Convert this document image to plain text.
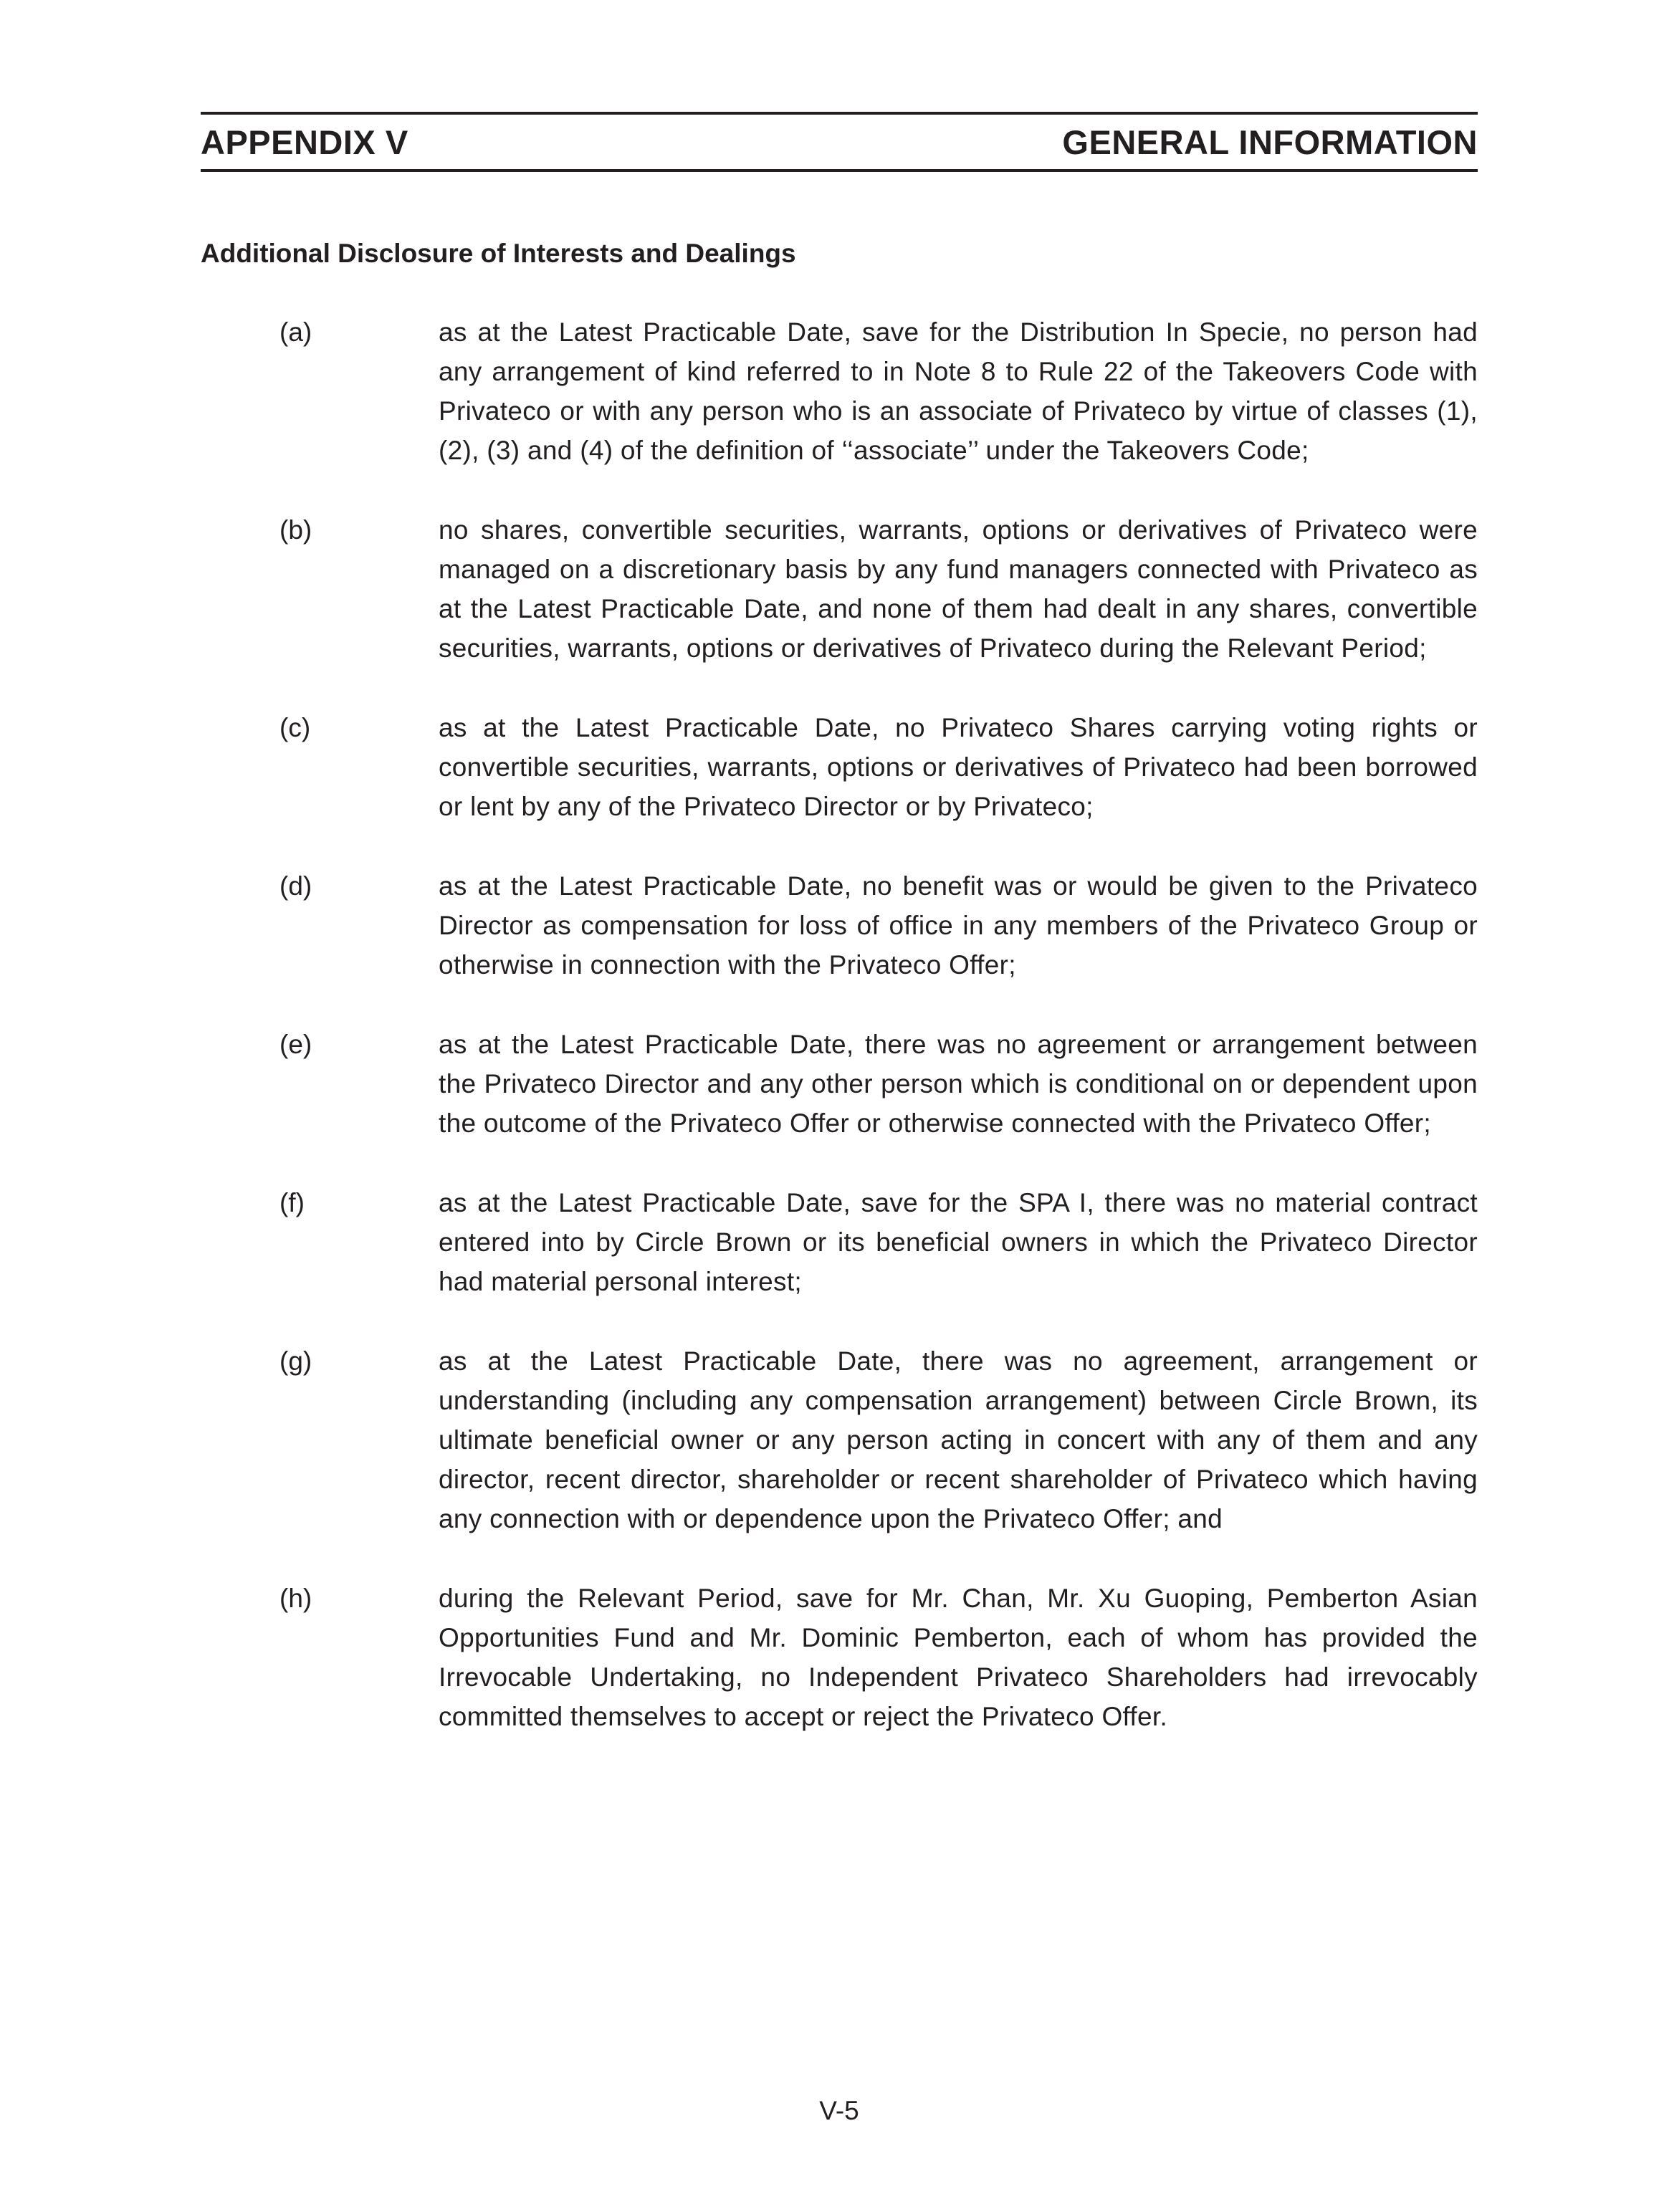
APPENDIX V	GENERAL INFORMATION
Additional Disclosure of Interests and Dealings
(a)	as at the Latest Practicable Date, save for the Distribution In Specie, no person had any arrangement of kind referred to in Note 8 to Rule 22 of the Takeovers Code with Privateco or with any person who is an associate of Privateco by virtue of classes (1), (2), (3) and (4) of the definition of ‘‘associate’’ under the Takeovers Code;
(b)	no shares, convertible securities, warrants, options or derivatives of Privateco were managed on a discretionary basis by any fund managers connected with Privateco as at the Latest Practicable Date, and none of them had dealt in any shares, convertible securities, warrants, options or derivatives of Privateco during the Relevant Period;
(c)	as at the Latest Practicable Date, no Privateco Shares carrying voting rights or convertible securities, warrants, options or derivatives of Privateco had been borrowed or lent by any of the Privateco Director or by Privateco;
(d)	as at the Latest Practicable Date, no benefit was or would be given to the Privateco Director as compensation for loss of office in any members of the Privateco Group or otherwise in connection with the Privateco Offer;
(e)	as at the Latest Practicable Date, there was no agreement or arrangement between the Privateco Director and any other person which is conditional on or dependent upon the outcome of the Privateco Offer or otherwise connected with the Privateco Offer;
(f)	as at the Latest Practicable Date, save for the SPA I, there was no material contract entered into by Circle Brown or its beneficial owners in which the Privateco Director had material personal interest;
(g)	as at the Latest Practicable Date, there was no agreement, arrangement or understanding (including any compensation arrangement) between Circle Brown, its ultimate beneficial owner or any person acting in concert with any of them and any director, recent director, shareholder or recent shareholder of Privateco which having any connection with or dependence upon the Privateco Offer; and
(h)	during the Relevant Period, save for Mr. Chan, Mr. Xu Guoping, Pemberton Asian Opportunities Fund and Mr. Dominic Pemberton, each of whom has provided the Irrevocable Undertaking, no Independent Privateco Shareholders had irrevocably committed themselves to accept or reject the Privateco Offer.
V-5
